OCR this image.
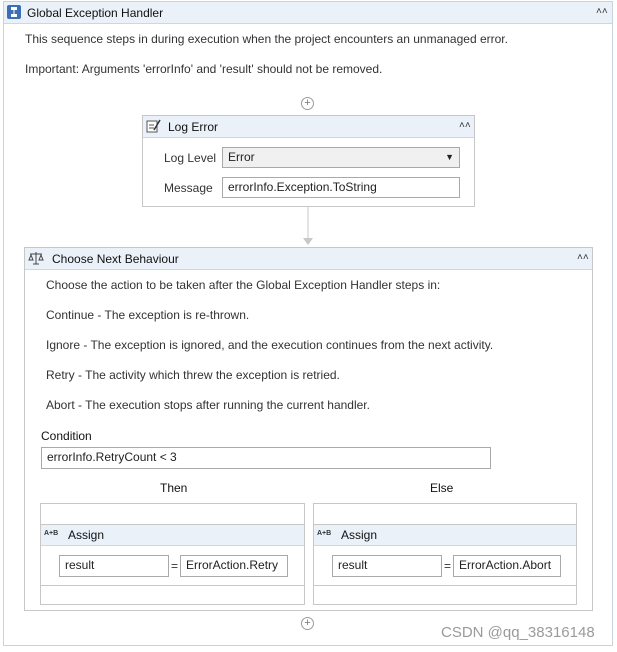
Global Exception Handler	˄˄
This sequence steps in during execution when the project encounters an unmanaged error.
Important: Arguments 'errorInfo' and 'result' should not be removed.
+
Log Error	˄˄
Log Level Error	▼
Message	errorInfo.Exception.ToString
Choose Next Behaviour	˄˄
Choose the action to be taken after the Global Exception Handler steps in:
Continue - The exception is re-thrown.
Ignore - The exception is ignored, and the execution continues from the next activity.
Retry - The activity which threw the exception is retried.
Abort - The execution stops after running the current handler.
Condition
errorInfo.RetryCount < 3
Then	Else
A+B Assign
result	= ErrorAction.Retry
A+B Assign
result	= ErrorAction.Abort
+
CSDN @qq_38316148
